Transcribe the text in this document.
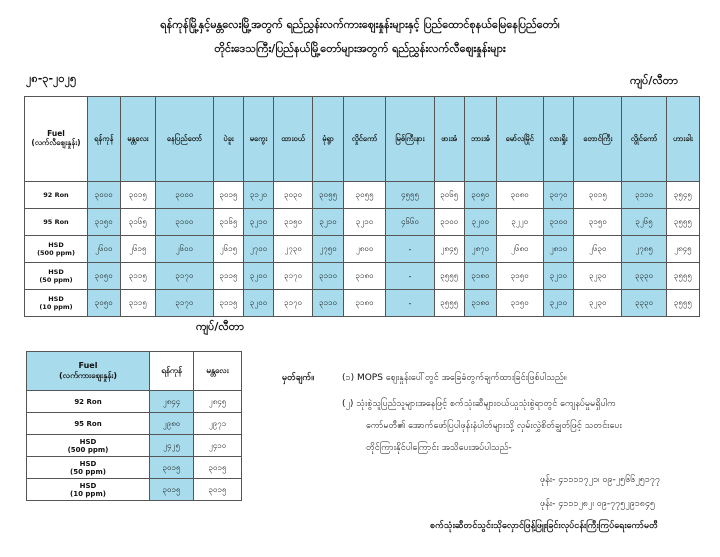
ရန်ကုန်မြို့နှင့်မန္တလေးမြို့အတွက် ရည်ညွှန်းလက်ကားဈေးနှုန်းများနှင့် ပြည်ထောင်စုနယ်မြေနေပြည်တော်၊
တိုင်းဒေသကြီး/ပြည်နယ်မြို့တော်များအတွက် ရည်ညွှန်းလက်လီဈေးနှုန်းများ
၂၈-၃-၂၀၂၅	ကျပ်/လီတာ
Fuel
(လက်လီဈေးနှုန်း)	ရန်ကုန်	မန္တလေး	နေပြည်တော်	ပဲခူး	မကွေး	ထားဝယ်	မုံရွာ	လှိုင်ကော်	မြစ်ကြီးနား	ဖားအံ	ဘားအံ	မော်လမြိုင်	လားရှိုး	တောင်ကြီး	လွိုင်ကော်	ဟားခါး
92 Ron	၃၀၀၀	၃၀၁၅	၃၀၀၀	၃၀၁၅	၃၁၂၀	၃၀၃၀	၃၀၅၅	၃၀၅၅	၄၅၅၅	၃၀၆၅	၃၀၅၀	၃၀၈၀	၃၀၇၀	၃၀၁၅	၃၁၁၀	၃၅၄၅
95 Ron	၃၁၅၀	၃၁၆၅	၃၁၀၀	၃၁၆၅	၃၂၁၀	၃၁၅၀	၃၂၁၀	၃၂၁၀	၄၆၆၀	၃၁၀၀	၃၂၀၀	၃၂၂၀	၃၁၀၀	၃၁၅၀	၃၂၆၅	၃၅၅၅
HSD
(500 ppm)	၂၆၀၀	၂၆၁၅	၂၆၀၀	၂၆၁၅	၂၇၀၀	၂၇၃၀	၂၇၅၀	၂၈၀၀	-	၂၈၄၅	၂၈၇၀	၂၆၈၀	၂၈၁၀	၂၆၃၀	၂၇၈၅	၂၈၄၅
HSD
(50 ppm)	၃၀၅၀	၃၁၁၅	၃၁၇၀	၃၁၁၅	၃၂၀၀	၃၁၇၀	၃၁၁၀	၃၁၈၀	-	၃၅၅၅	၃၁၈၀	၃၁၅၀	၃၂၁၀	၃၂၃၀	၃၃၃၀	၃၅၅၅
HSD
(10 ppm)	၃၀၅၀	၃၁၁၅	၃၁၇၀	၃၁၁၅	၃၂၀၀	၃၁၇၀	၃၁၁၀	၃၁၈၀	-	၃၅၅၅	၃၁၈၀	၃၁၅၀	၃၂၁၀	၃၂၃၀	၃၃၃၀	၃၅၅၅
ကျပ်/လီတာ
Fuel
(လက်ကားဈေးနှုန်း)	ရန်ကုန်	မန္တလေး
92 Ron	၂၈၄၄	၂၈၄၅
95 Ron	၂၉၈၀	၂၉၇၁
HSD
(500 ppm)	၂၄၂၅	၂၄၁၀
HSD
(50 ppm)	၃၀၁၅	၃၀၁၅
HSD
(10 ppm)	၃၀၁၅	၃၀၁၅
မှတ်ချက်။	(၁) MOPS ဈေးနှုန်းပေါ်တွင် အခြေခံတွက်ချက်ထားခြင်းဖြစ်ပါသည်။
(၂) သုံးစွဲသူပြည်သူများအနေဖြင့် စက်သုံးဆီများဝယ်ယူသုံးစွဲရာတွင် ကျေနပ်မှုမရှိပါက
ကော်မတီ၏ အောက်ဖော်ပြပါဖုန်းနံပါတ်များသို့ လှမ်းလွှဲစိတ်ချွတ်ဖြင့် သတင်းပေး
တိုင်ကြားနိုင်ပါကြောင်း အသိပေးအပ်ပါသည်-
ဖုန်း- ၄၁၁၁၁၇၂၁၊ ၀၉-၂၅၆၆၂၅၁၇၇
ဖုန်း- ၄၁၁၁၂၈၂၊ ၀၉-၇၇၅၂၉၁၈၄၅
စက်သုံးဆီတင်သွင်းသိုလှောင်ဖြန့်ဖြူးခြင်းလုပ်ငန်းကြီးကြပ်ရေးကော်မတီ
